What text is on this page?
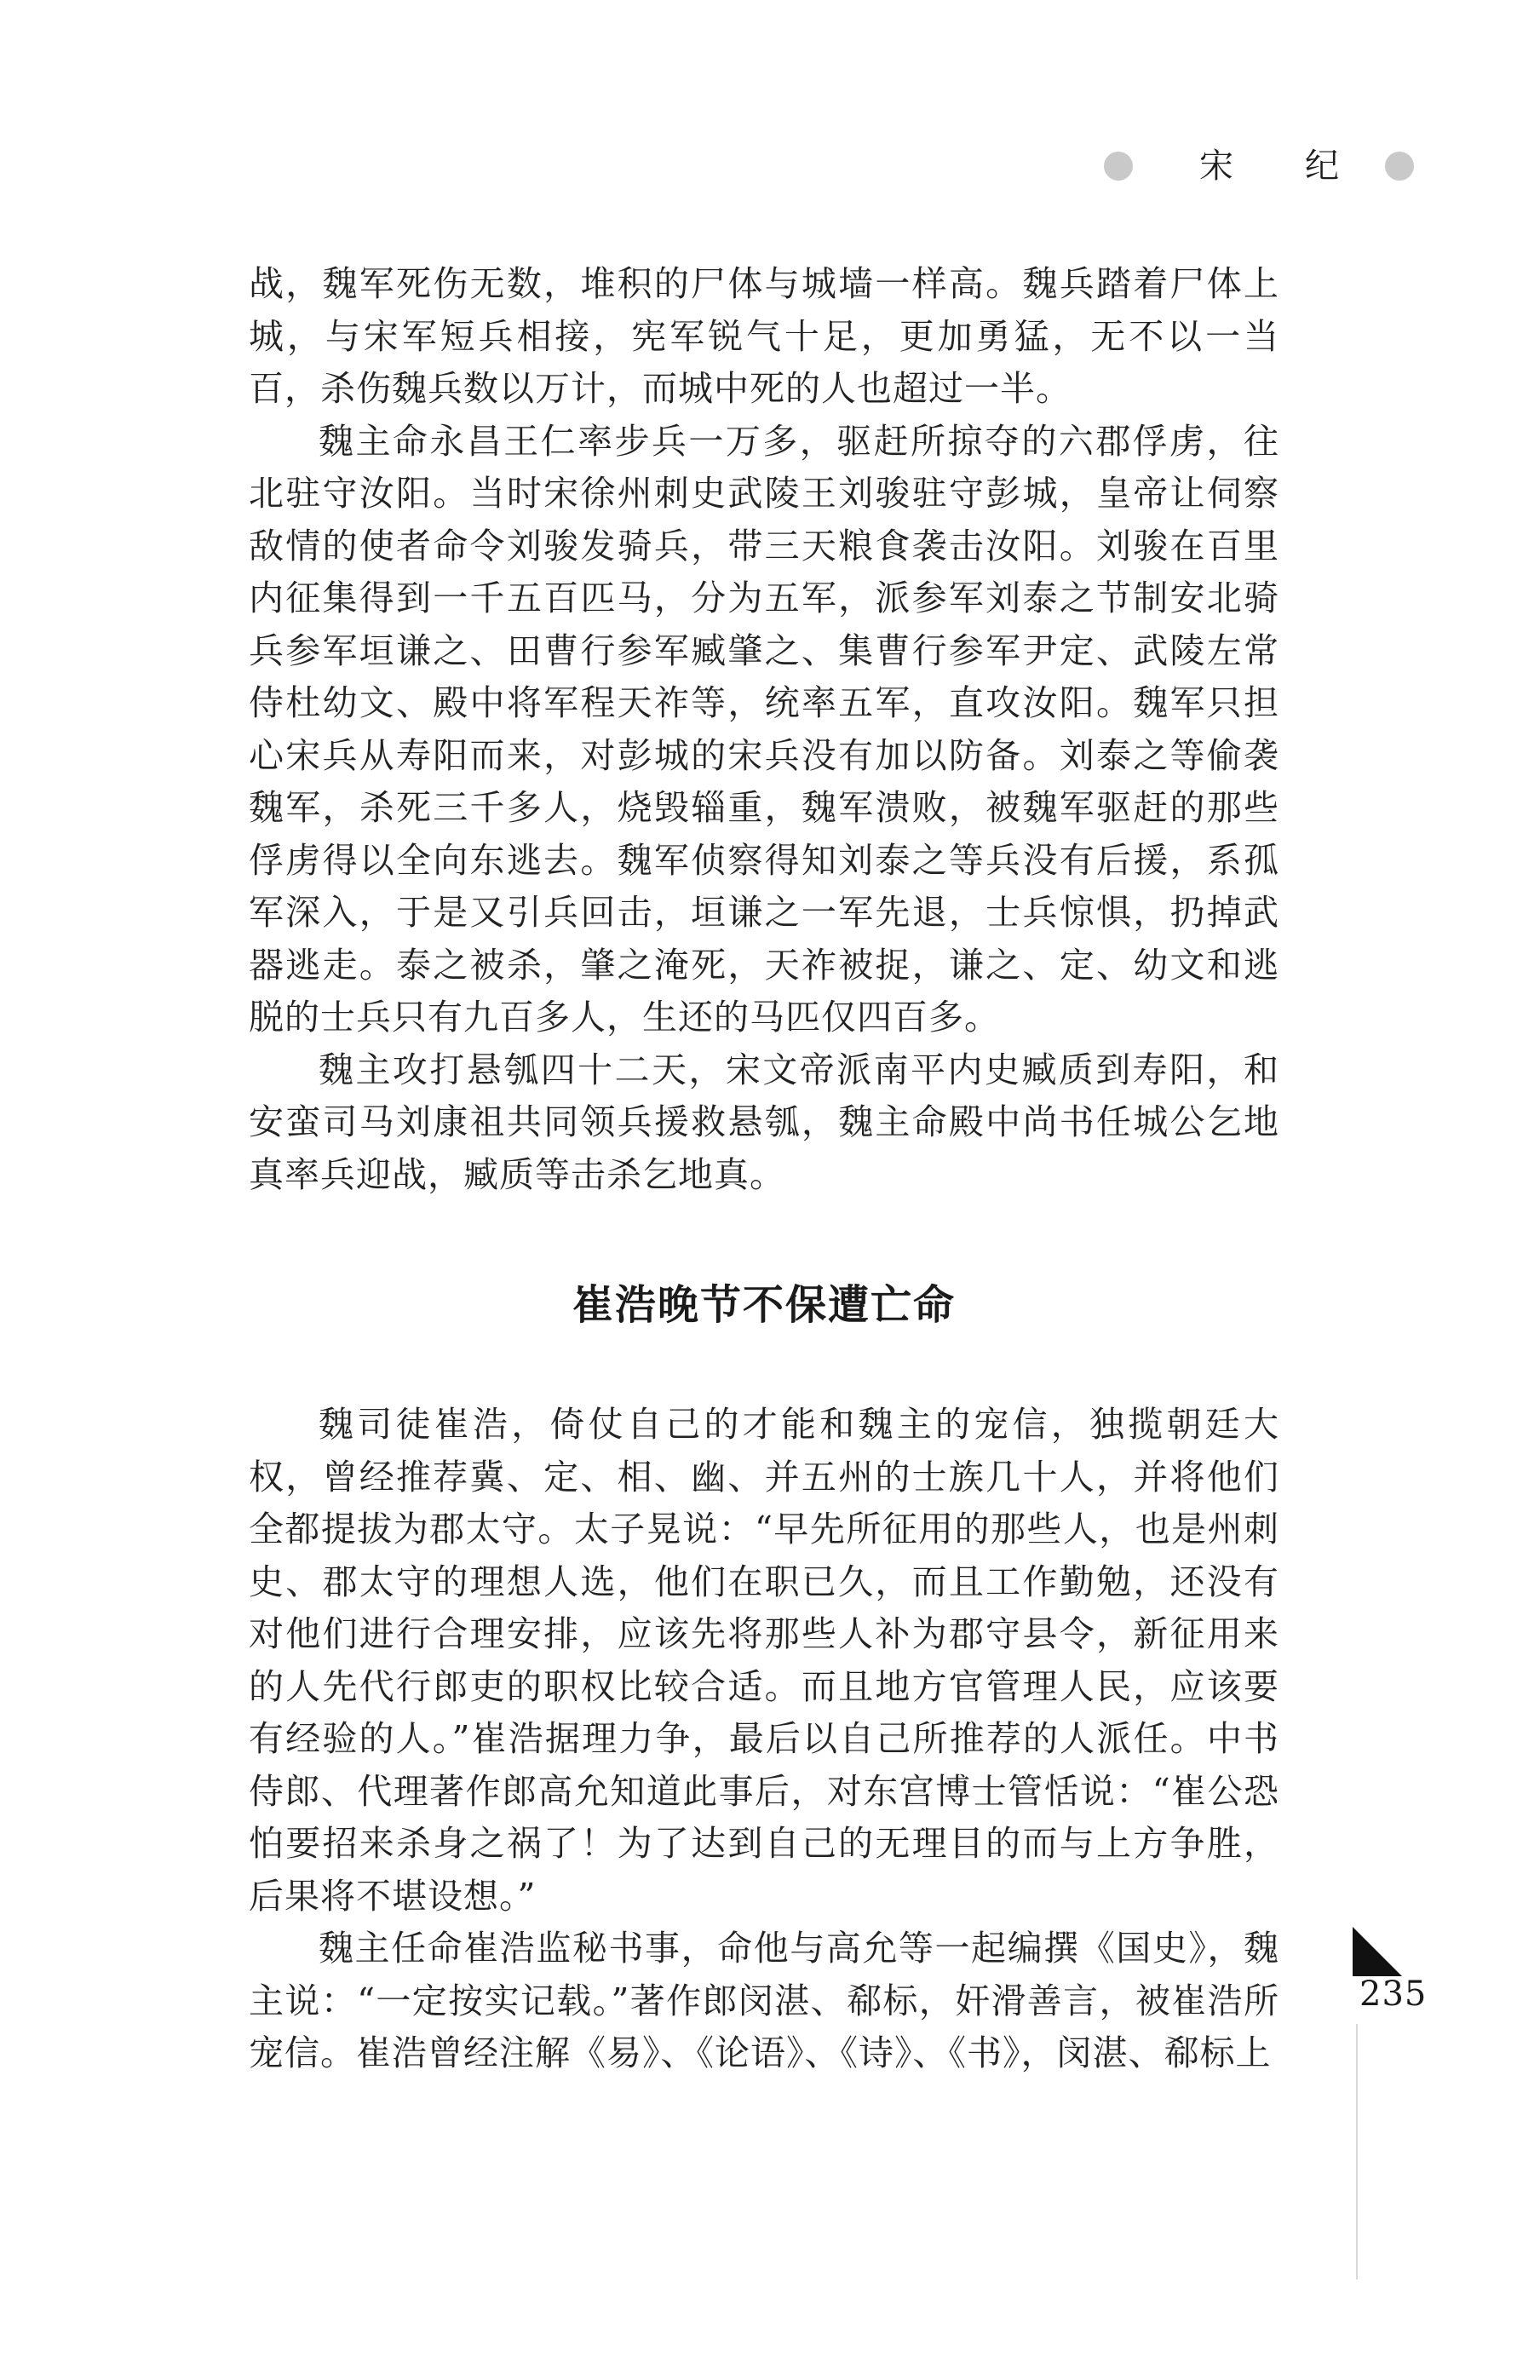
宋 纪

战，魏军死伤无数，堆积的尸体与城墙一样高。魏兵踏着尸体上城，与宋军短兵相接，宪军锐气十足，更加勇猛，无不以一当百，杀伤魏兵数以万计，而城中死的人也超过一半。

魏主命永昌王仁率步兵一万多，驱赶所掠夺的六郡俘虏，往北驻守汝阳。当时宋徐州刺史武陵王刘骏驻守彭城，皇帝让伺察敌情的使者命令刘骏发骑兵，带三天粮食袭击汝阳。刘骏在百里内征集得到一千五百匹马，分为五军，派参军刘泰之节制安北骑兵参军垣谦之、田曹行参军臧肇之、集曹行参军尹定、武陵左常侍杜幼文、殿中将军程天祚等，统率五军，直攻汝阳。魏军只担心宋兵从寿阳而来，对彭城的宋兵没有加以防备。刘泰之等偷袭魏军，杀死三千多人，烧毁辎重，魏军溃败，被魏军驱赶的那些俘虏得以全向东逃去。魏军侦察得知刘泰之等兵没有后援，系孤军深入，于是又引兵回击，垣谦之一军先退，士兵惊惧，扔掉武器逃走。泰之被杀，肇之淹死，天祚被捉，谦之、定、幼文和逃脱的士兵只有九百多人，生还的马匹仅四百多。

魏主攻打悬瓠四十二天，宋文帝派南平内史臧质到寿阳，和安蛮司马刘康祖共同领兵援救悬瓠，魏主命殿中尚书任城公乞地真率兵迎战，臧质等击杀乞地真。

崔浩晚节不保遭亡命

魏司徒崔浩，倚仗自己的才能和魏主的宠信，独揽朝廷大权，曾经推荐冀、定、相、幽、并五州的士族几十人，并将他们全都提拔为郡太守。太子晃说：“早先所征用的那些人，也是州刺史、郡太守的理想人选，他们在职已久，而且工作勤勉，还没有对他们进行合理安排，应该先将那些人补为郡守县令，新征用来的人先代行郎吏的职权比较合适。而且地方官管理人民，应该要有经验的人。”崔浩据理力争，最后以自己所推荐的人派任。中书侍郎、代理著作郎高允知道此事后，对东宫博士管恬说：“崔公恐怕要招来杀身之祸了！为了达到自己的无理目的而与上方争胜，后果将不堪设想。”

魏主任命崔浩监秘书事，命他与高允等一起编撰《国史》，魏主说：“一定按实记载。”著作郎闵湛、郗标，奸滑善言，被崔浩所宠信。崔浩曾经注解《易》、《论语》、《诗》、《书》，闵湛、郗标上

235
